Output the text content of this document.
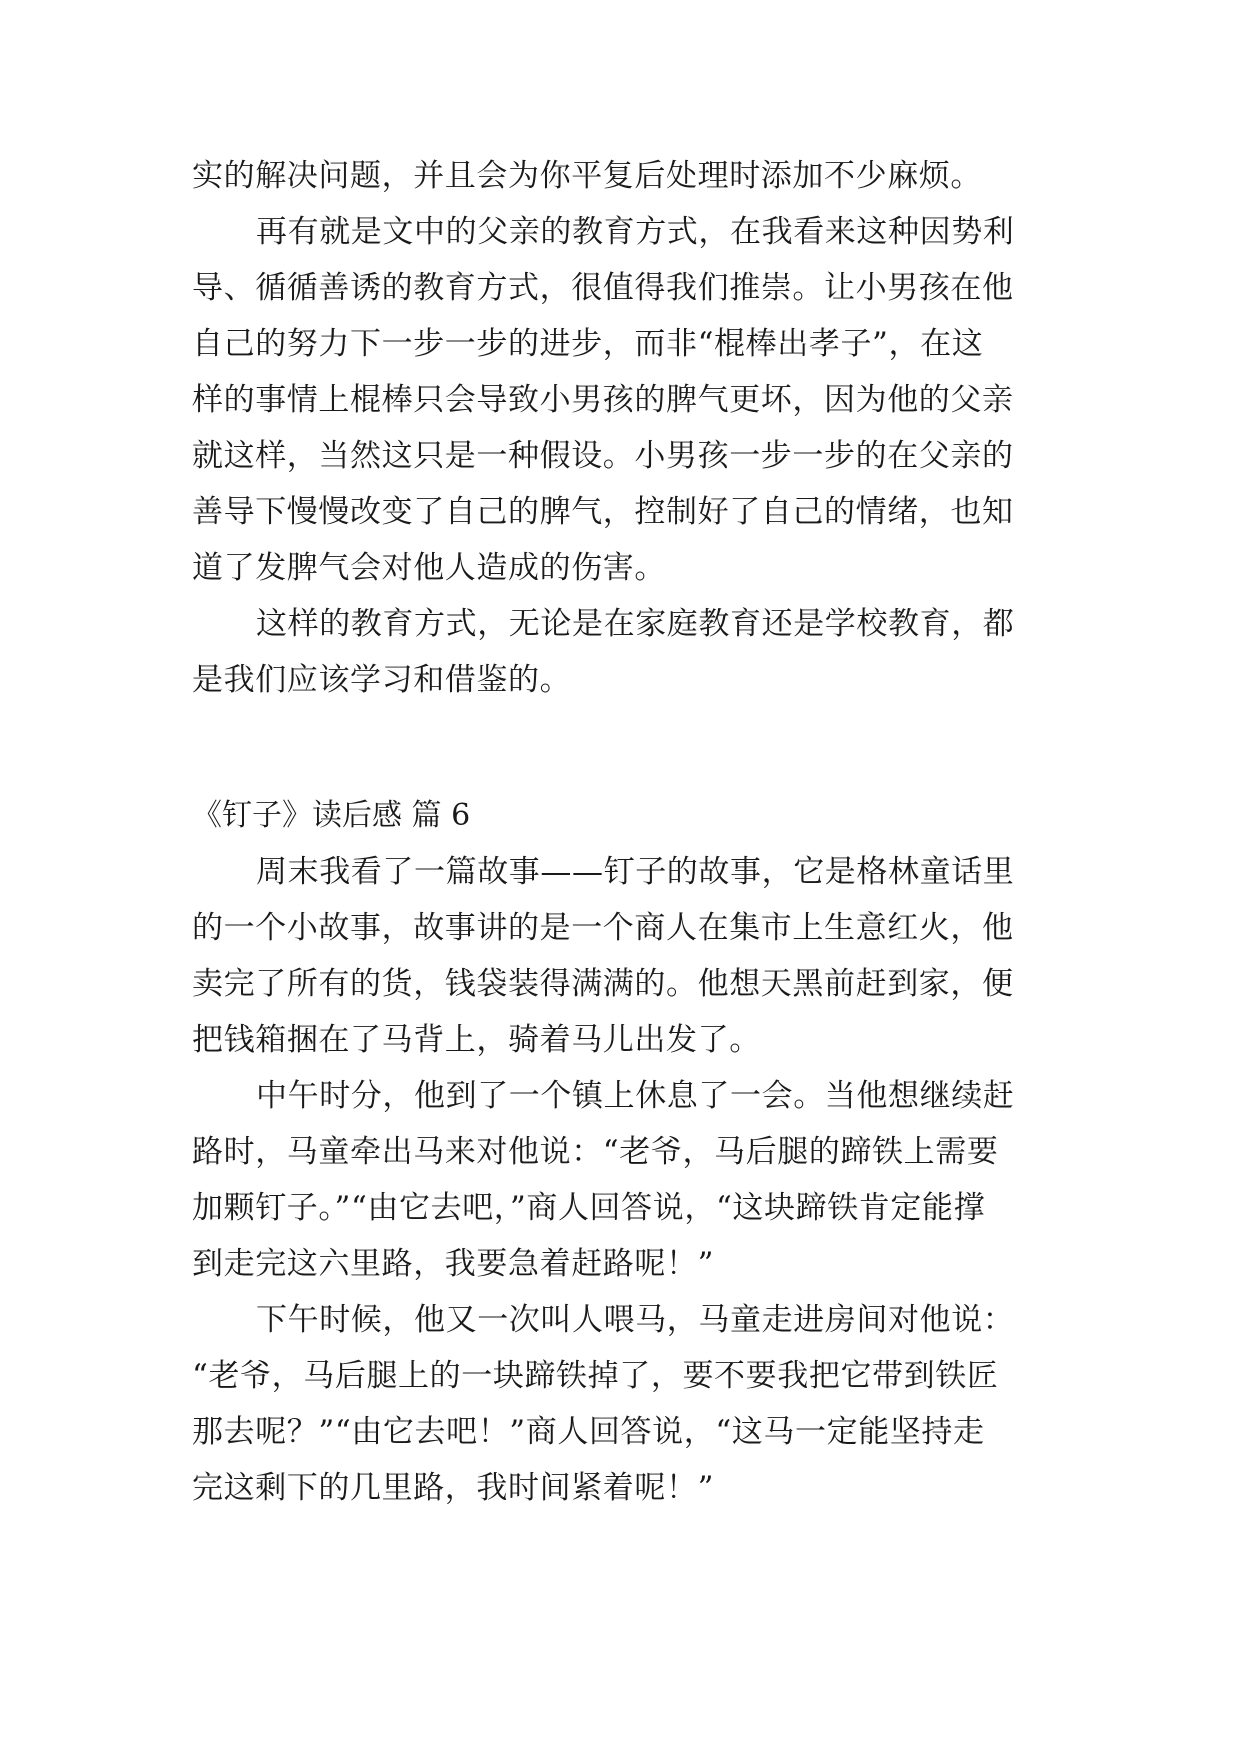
实的解决问题，并且会为你平复后处理时添加不少麻烦。
再有就是文中的父亲的教育方式，在我看来这种因势利
导、循循善诱的教育方式，很值得我们推崇。让小男孩在他
自己的努力下一步一步的进步，而非“棍棒出孝子”，在这
样的事情上棍棒只会导致小男孩的脾气更坏，因为他的父亲
就这样，当然这只是一种假设。小男孩一步一步的在父亲的
善导下慢慢改变了自己的脾气，控制好了自己的情绪，也知
道了发脾气会对他人造成的伤害。
这样的教育方式，无论是在家庭教育还是学校教育，都
是我们应该学习和借鉴的。
《钉子》读后感 篇 6
周末我看了一篇故事——钉子的故事，它是格林童话里
的一个小故事，故事讲的是一个商人在集市上生意红火，他
卖完了所有的货，钱袋装得满满的。他想天黑前赶到家，便
把钱箱捆在了马背上，骑着马儿出发了。
中午时分，他到了一个镇上休息了一会。当他想继续赶
路时，马童牵出马来对他说：“老爷，马后腿的蹄铁上需要
加颗钉子。”“由它去吧，”商人回答说，“这块蹄铁肯定能撑
到走完这六里路，我要急着赶路呢！”
下午时候，他又一次叫人喂马，马童走进房间对他说：
“老爷，马后腿上的一块蹄铁掉了，要不要我把它带到铁匠
那去呢？”“由它去吧！”商人回答说，“这马一定能坚持走
完这剩下的几里路，我时间紧着呢！”
